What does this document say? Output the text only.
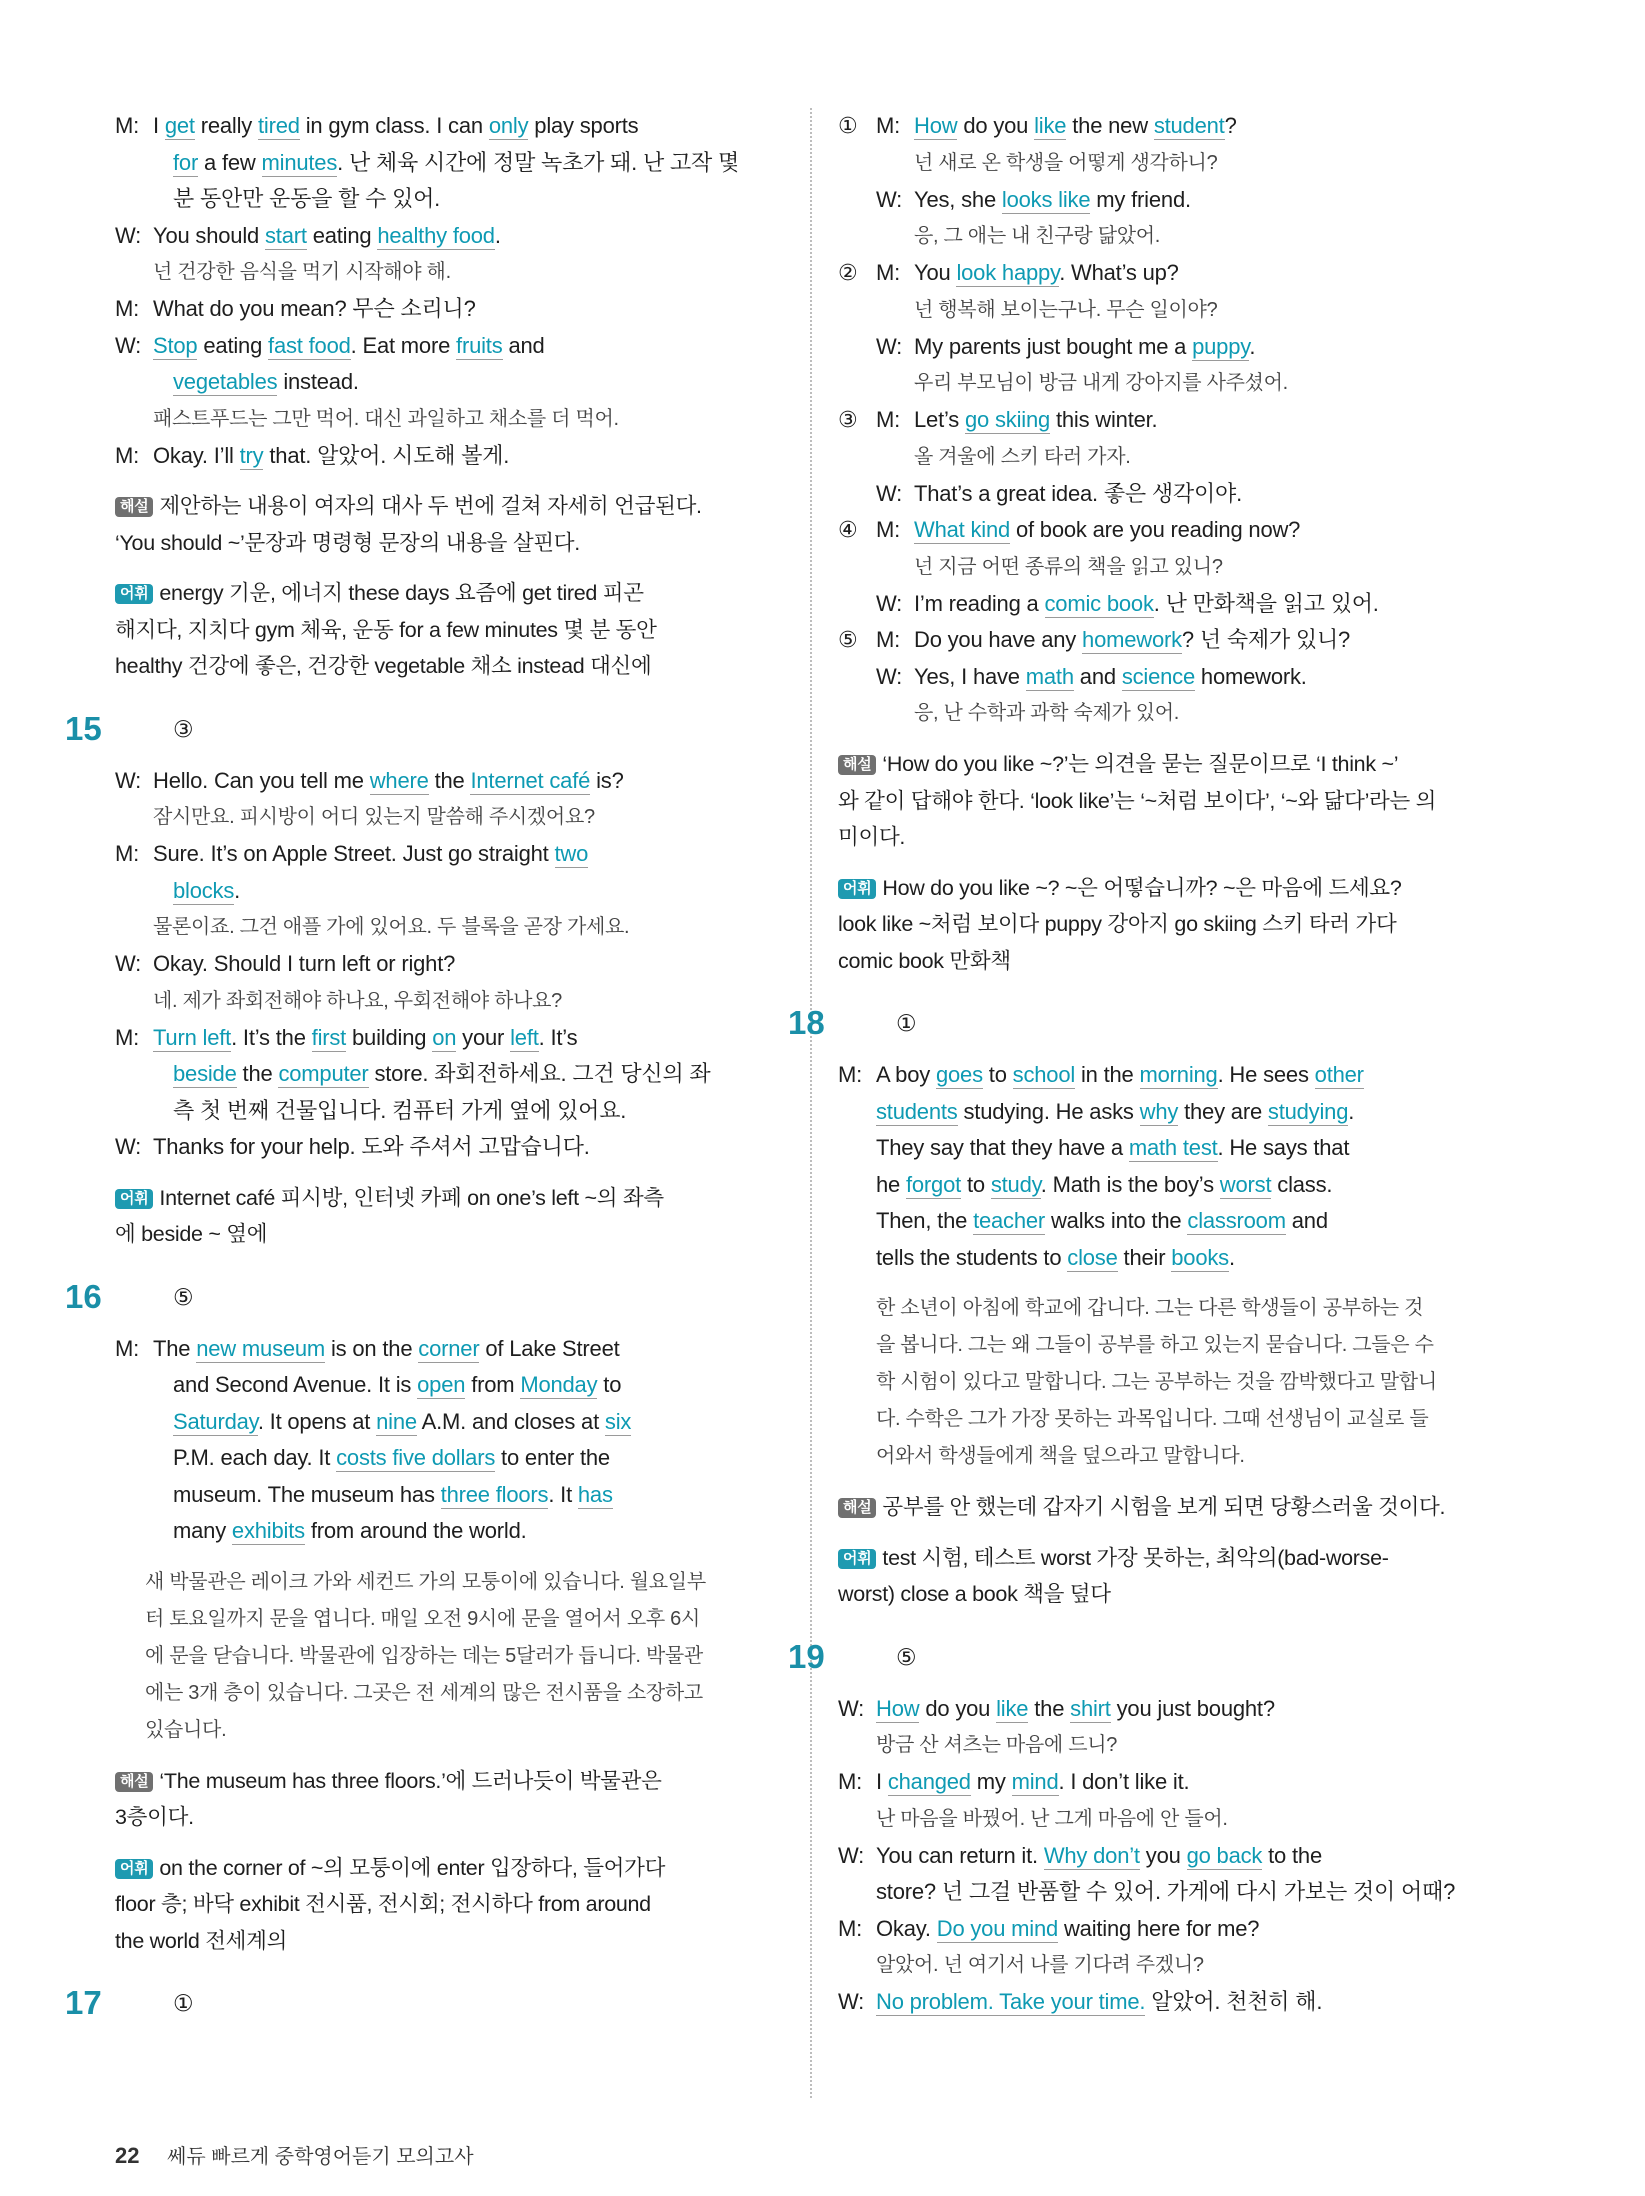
M:I get really tired in gym class. I can only play sports
for a few minutes. 난 체육 시간에 정말 녹초가 돼. 난 고작 몇
분 동안만 운동을 할 수 있어.
W:You should start eating healthy food.
넌 건강한 음식을 먹기 시작해야 해.
M:What do you mean? 무슨 소리니?
W:Stop eating fast food. Eat more fruits and
vegetables instead.
패스트푸드는 그만 먹어. 대신 과일하고 채소를 더 먹어.
M:Okay. I’ll try that. 알았어. 시도해 볼게.
해설 제안하는 내용이 여자의 대사 두 번에 걸쳐 자세히 언급된다.
‘You should ~’문장과 명령형 문장의 내용을 살핀다.
어휘 energy 기운, 에너지 these days 요즘에 get tired 피곤
해지다, 지치다 gym 체육, 운동 for a few minutes 몇 분 동안
healthy 건강에 좋은, 건강한 vegetable 채소 instead 대신에
15	③
W:Hello. Can you tell me where the Internet café is?
잠시만요. 피시방이 어디 있는지 말씀해 주시겠어요?
M:Sure. It’s on Apple Street. Just go straight two
blocks.
물론이죠. 그건 애플 가에 있어요. 두 블록을 곧장 가세요.
W:Okay. Should I turn left or right?
네. 제가 좌회전해야 하나요, 우회전해야 하나요?
M:Turn left. It’s the first building on your left. It’s
beside the computer store. 좌회전하세요. 그건 당신의 좌
측 첫 번째 건물입니다. 컴퓨터 가게 옆에 있어요.
W:Thanks for your help. 도와 주셔서 고맙습니다.
어휘 Internet café 피시방, 인터넷 카페 on one’s left ~의 좌측
에 beside ~ 옆에
16	⑤
M:The new museum is on the corner of Lake Street
and Second Avenue. It is open from Monday to
Saturday. It opens at nine A.M. and closes at six
P.M. each day. It costs five dollars to enter the
museum. The museum has three floors. It has
many exhibits from around the world.
새 박물관은 레이크 가와 세컨드 가의 모퉁이에 있습니다. 월요일부
터 토요일까지 문을 엽니다. 매일 오전 9시에 문을 열어서 오후 6시
에 문을 닫습니다. 박물관에 입장하는 데는 5달러가 듭니다. 박물관
에는 3개 층이 있습니다. 그곳은 전 세계의 많은 전시품을 소장하고
있습니다.
해설 ‘The museum has three floors.’에 드러나듯이 박물관은
3층이다.
어휘 on the corner of ~의 모퉁이에 enter 입장하다, 들어가다
floor 층; 바닥 exhibit 전시품, 전시회; 전시하다 from around
the world 전세계의
17	①
① M:How do you like the new student?
넌 새로 온 학생을 어떻게 생각하니?
W:Yes, she looks like my friend.
응, 그 애는 내 친구랑 닮았어.
② M:You look happy. What’s up?
넌 행복해 보이는구나. 무슨 일이야?
W:My parents just bought me a puppy.
우리 부모님이 방금 내게 강아지를 사주셨어.
③ M:Let’s go skiing this winter.
올 겨울에 스키 타러 가자.
W:That’s a great idea. 좋은 생각이야.
④ M:What kind of book are you reading now?
넌 지금 어떤 종류의 책을 읽고 있니?
W:I’m reading a comic book. 난 만화책을 읽고 있어.
⑤ M:Do you have any homework? 넌 숙제가 있니?
W:Yes, I have math and science homework.
응, 난 수학과 과학 숙제가 있어.
해설 ‘How do you like ~?’는 의견을 묻는 질문이므로 ‘I think ~’
와 같이 답해야 한다. ‘look like’는 ‘~처럼 보이다’, ‘~와 닮다’라는 의
미이다.
어휘 How do you like ~? ~은 어떻습니까? ~은 마음에 드세요?
look like ~처럼 보이다 puppy 강아지 go skiing 스키 타러 가다
comic book 만화책
18	①
M:A boy goes to school in the morning. He sees other
students studying. He asks why they are studying.
They say that they have a math test. He says that
he forgot to study. Math is the boy’s worst class.
Then, the teacher walks into the classroom and
tells the students to close their books.
한 소년이 아침에 학교에 갑니다. 그는 다른 학생들이 공부하는 것
을 봅니다. 그는 왜 그들이 공부를 하고 있는지 묻습니다. 그들은 수
학 시험이 있다고 말합니다. 그는 공부하는 것을 깜박했다고 말합니
다. 수학은 그가 가장 못하는 과목입니다. 그때 선생님이 교실로 들
어와서 학생들에게 책을 덮으라고 말합니다.
해설 공부를 안 했는데 갑자기 시험을 보게 되면 당황스러울 것이다.
어휘 test 시험, 테스트 worst 가장 못하는, 최악의(bad-worse-
worst) close a book 책을 덮다
19	⑤
W:How do you like the shirt you just bought?
방금 산 셔츠는 마음에 드니?
M:I changed my mind. I don’t like it.
난 마음을 바꿨어. 난 그게 마음에 안 들어.
W:You can return it. Why don’t you go back to the
store? 넌 그걸 반품할 수 있어. 가게에 다시 가보는 것이 어때?
M:Okay. Do you mind waiting here for me?
알았어. 넌 여기서 나를 기다려 주겠니?
W:No problem. Take your time. 알았어. 천천히 해.
22 쎄듀 빠르게 중학영어듣기 모의고사
